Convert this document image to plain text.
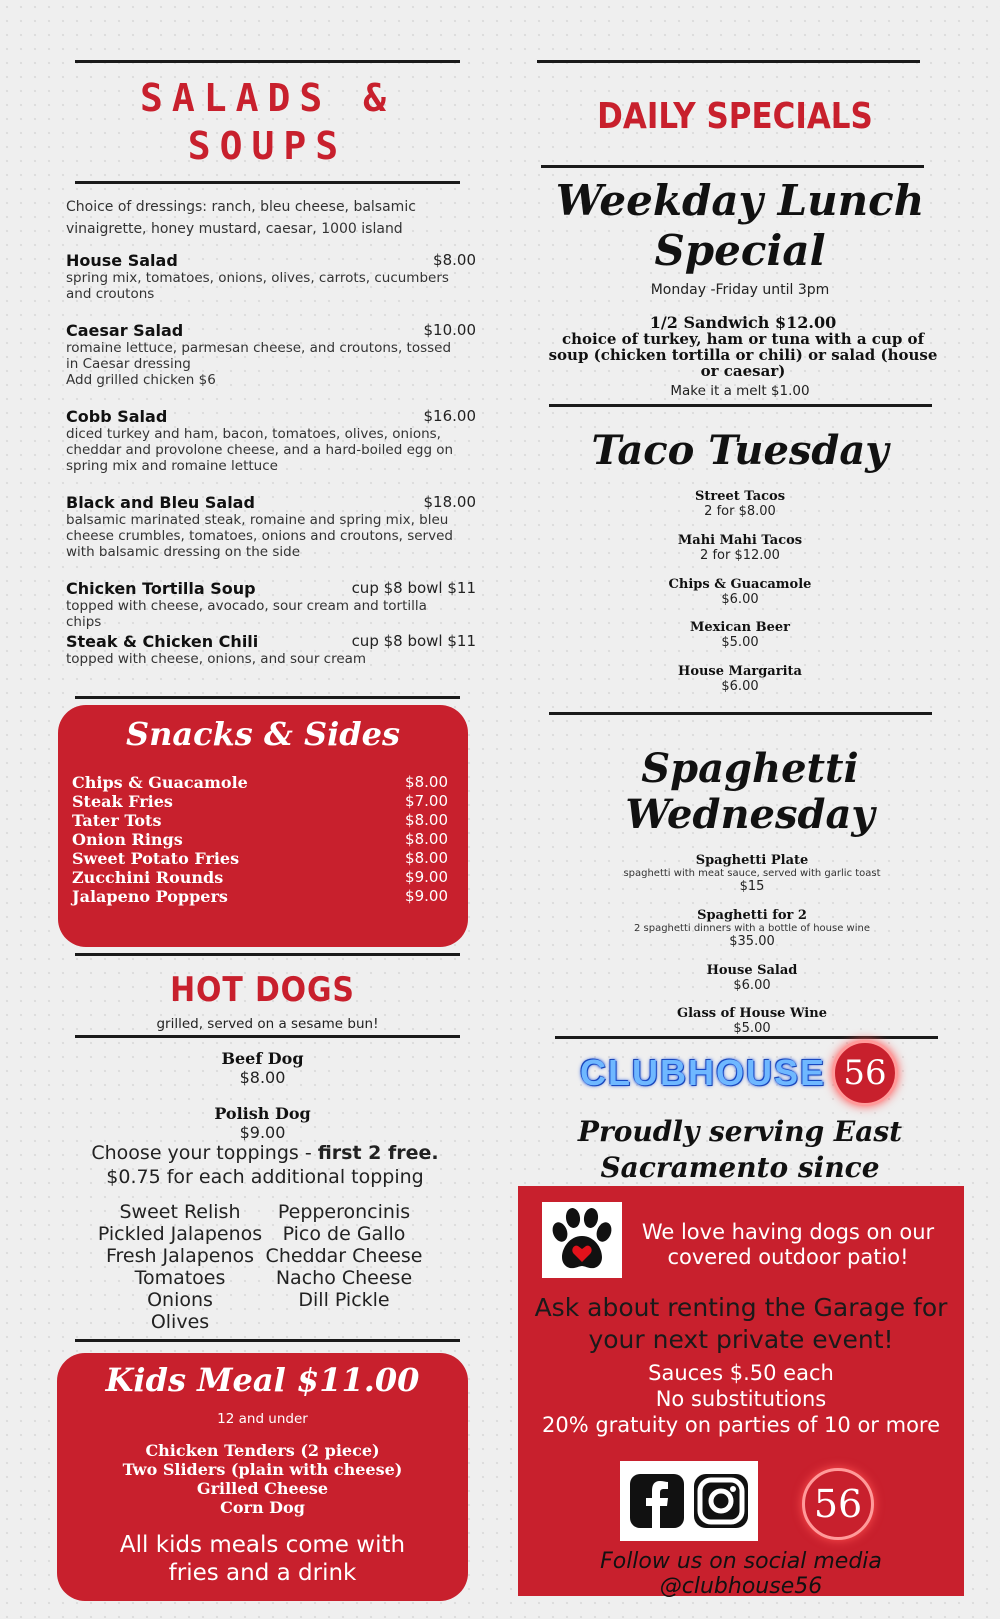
SALADS &
SOUPS
Choice of dressings: ranch, bleu cheese, balsamic vinaigrette, honey mustard, caesar, 1000 island
House Salad	$8.00
spring mix, tomatoes, onions, olives, carrots, cucumbers and croutons
Caesar Salad	$10.00
romaine lettuce, parmesan cheese, and croutons, tossed in Caesar dressing
Add grilled chicken $6
Cobb Salad	$16.00
diced turkey and ham, bacon, tomatoes, olives, onions, cheddar and provolone cheese, and a hard-boiled egg on spring mix and romaine lettuce
Black and Bleu Salad	$18.00
balsamic marinated steak, romaine and spring mix, bleu cheese crumbles, tomatoes, onions and croutons, served with balsamic dressing on the side
Chicken Tortilla Soup	cup $8 bowl $11
topped with cheese, avocado, sour cream and tortilla chips
Steak & Chicken Chili	cup $8 bowl $11
topped with cheese, onions, and sour cream
Snacks & Sides
Chips & Guacamole	$8.00
Steak Fries	$7.00
Tater Tots	$8.00
Onion Rings	$8.00
Sweet Potato Fries	$8.00
Zucchini Rounds	$9.00
Jalapeno Poppers	$9.00
HOT DOGS
grilled, served on a sesame bun!
Beef Dog
$8.00
Polish Dog
$9.00
Choose your toppings - first 2 free.
$0.75 for each additional topping
Sweet Relish
Pickled Jalapenos
Fresh Jalapenos
Tomatoes
Onions
Olives
Pepperoncinis
Pico de Gallo
Cheddar Cheese
Nacho Cheese
Dill Pickle
Kids Meal $11.00
12 and under
Chicken Tenders (2 piece)
Two Sliders (plain with cheese)
Grilled Cheese
Corn Dog
All kids meals come with
fries and a drink
DAILY SPECIALS
Weekday Lunch
Special
Monday -Friday until 3pm
1/2 Sandwich $12.00
choice of turkey, ham or tuna with a cup of soup (chicken tortilla or chili) or salad (house or caesar)
Make it a melt $1.00
Taco Tuesday
Street Tacos
2 for $8.00
Mahi Mahi Tacos
2 for $12.00
Chips & Guacamole
$6.00
Mexican Beer
$5.00
House Margarita
$6.00
Spaghetti
Wednesday
Spaghetti Plate
spaghetti with meat sauce, served with garlic toast
$15
Spaghetti for 2
2 spaghetti dinners with a bottle of house wine
$35.00
House Salad
$6.00
Glass of House Wine
$5.00
CLUBHOUSE 56
Proudly serving East
Sacramento since
We love having dogs on our
covered outdoor patio!
Ask about renting the Garage for
your next private event!
Sauces $.50 each
No substitutions
20% gratuity on parties of 10 or more
56
Follow us on social media @clubhouse56
